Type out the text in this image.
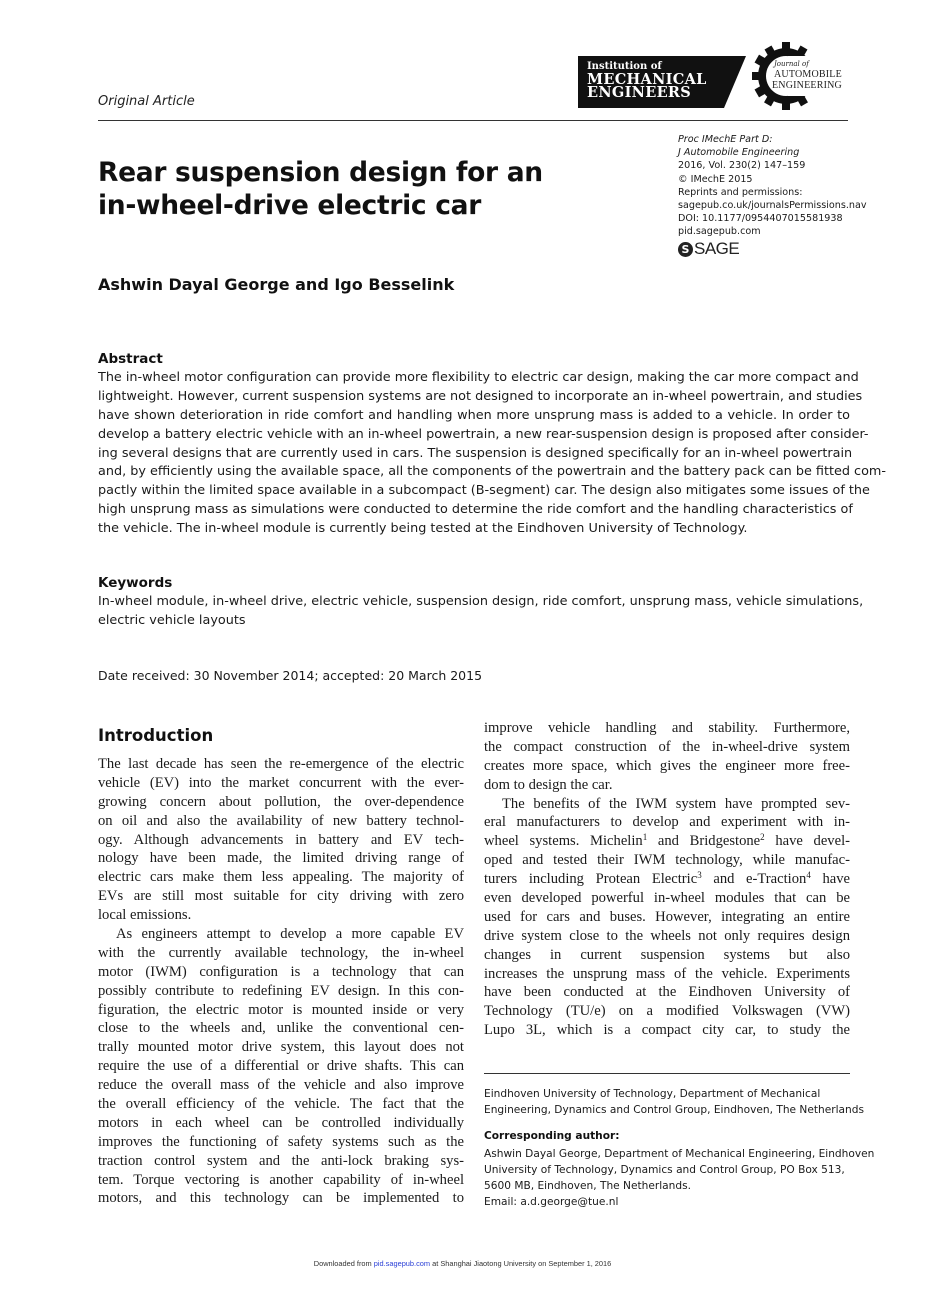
Original Article
Institution of
MECHANICAL
ENGINEERS
Journal of
AUTOMOBILE
ENGINEERING
Proc IMechE Part D:
J Automobile Engineering
2016, Vol. 230(2) 147–159
© IMechE 2015
Reprints and permissions:
sagepub.co.uk/journalsPermissions.nav
DOI: 10.1177/0954407015581938
pid.sagepub.com
S SAGE
Rear suspension design for an
in-wheel-drive electric car
Ashwin Dayal George and Igo Besselink
Abstract
The in-wheel motor configuration can provide more flexibility to electric car design, making the car more compact and
lightweight. However, current suspension systems are not designed to incorporate an in-wheel powertrain, and studies
have shown deterioration in ride comfort and handling when more unsprung mass is added to a vehicle. In order to
develop a battery electric vehicle with an in-wheel powertrain, a new rear-suspension design is proposed after consider-
ing several designs that are currently used in cars. The suspension is designed specifically for an in-wheel powertrain
and, by efficiently using the available space, all the components of the powertrain and the battery pack can be fitted com-
pactly within the limited space available in a subcompact (B-segment) car. The design also mitigates some issues of the
high unsprung mass as simulations were conducted to determine the ride comfort and the handling characteristics of
the vehicle. The in-wheel module is currently being tested at the Eindhoven University of Technology.
Keywords
In-wheel module, in-wheel drive, electric vehicle, suspension design, ride comfort, unsprung mass, vehicle simulations,
electric vehicle layouts
Date received: 30 November 2014; accepted: 20 March 2015
Introduction
The last decade has seen the re-emergence of the electric
vehicle (EV) into the market concurrent with the ever-
growing concern about pollution, the over-dependence
on oil and also the availability of new battery technol-
ogy. Although advancements in battery and EV tech-
nology have been made, the limited driving range of
electric cars make them less appealing. The majority of
EVs are still most suitable for city driving with zero
local emissions.
As engineers attempt to develop a more capable EV
with the currently available technology, the in-wheel
motor (IWM) configuration is a technology that can
possibly contribute to redefining EV design. In this con-
figuration, the electric motor is mounted inside or very
close to the wheels and, unlike the conventional cen-
trally mounted motor drive system, this layout does not
require the use of a differential or drive shafts. This can
reduce the overall mass of the vehicle and also improve
the overall efficiency of the vehicle. The fact that the
motors in each wheel can be controlled individually
improves the functioning of safety systems such as the
traction control system and the anti-lock braking sys-
tem. Torque vectoring is another capability of in-wheel
motors, and this technology can be implemented to
improve vehicle handling and stability. Furthermore,
the compact construction of the in-wheel-drive system
creates more space, which gives the engineer more free-
dom to design the car.
The benefits of the IWM system have prompted sev-
eral manufacturers to develop and experiment with in-
wheel systems. Michelin$^1$ and Bridgestone$^2$ have devel-
oped and tested their IWM technology, while manufac-
turers including Protean Electric$^3$ and e-Traction$^4$ have
even developed powerful in-wheel modules that can be
used for cars and buses. However, integrating an entire
drive system close to the wheels not only requires design
changes in current suspension systems but also
increases the unsprung mass of the vehicle. Experiments
have been conducted at the Eindhoven University of
Technology (TU/e) on a modified Volkswagen (VW)
Lupo 3L, which is a compact city car, to study the
Eindhoven University of Technology, Department of Mechanical
Engineering, Dynamics and Control Group, Eindhoven, The Netherlands
Corresponding author:
Ashwin Dayal George, Department of Mechanical Engineering, Eindhoven
University of Technology, Dynamics and Control Group, PO Box 513,
5600 MB, Eindhoven, The Netherlands.
Email: a.d.george@tue.nl
Downloaded from pid.sagepub.com at Shanghai Jiaotong University on September 1, 2016
